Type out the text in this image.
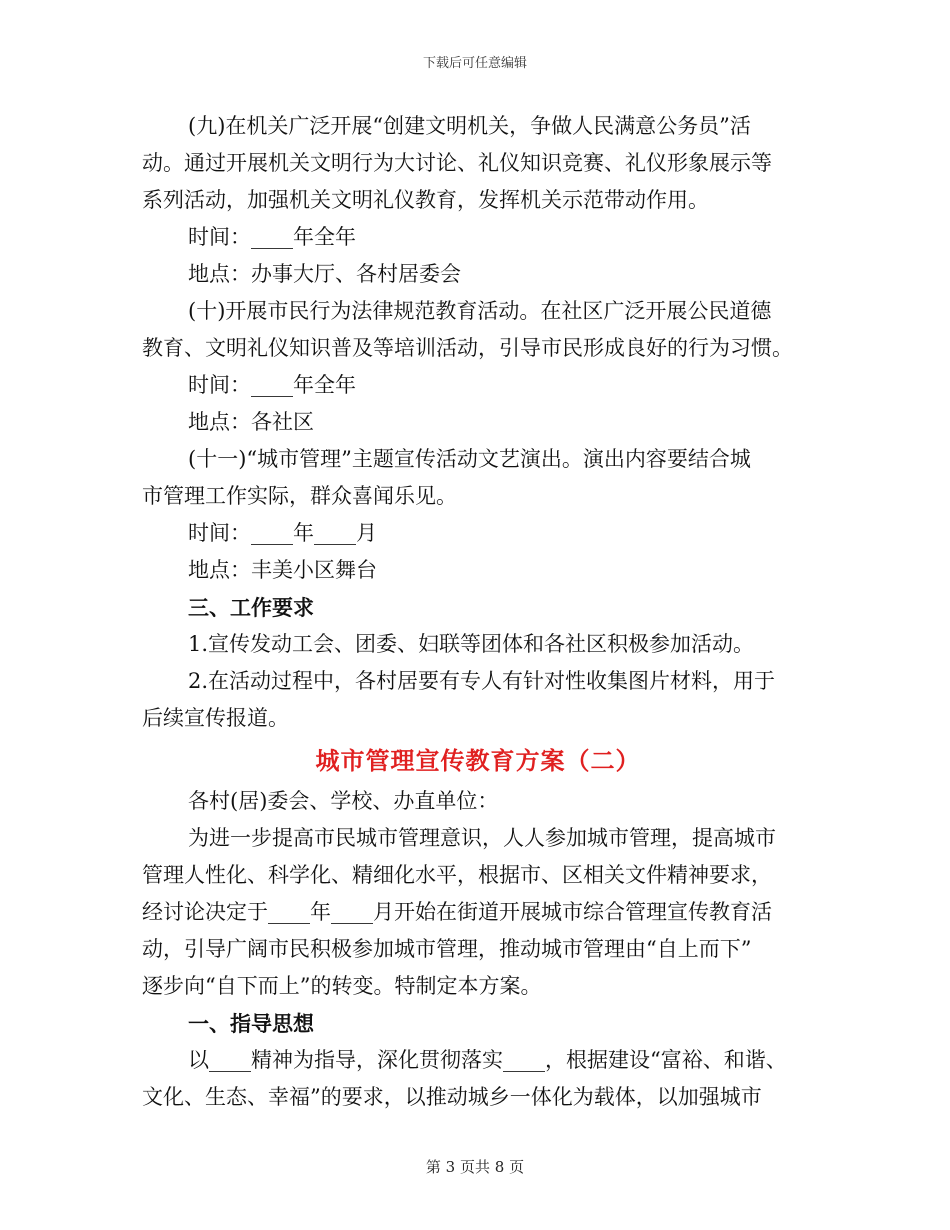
下载后可任意编辑

(九)在机关广泛开展“创建文明机关，争做人民满意公务员”活

动。通过开展机关文明行为大讨论、礼仪知识竞赛、礼仪形象展示等

系列活动，加强机关文明礼仪教育，发挥机关示范带动作用。

时间：____年全年

地点：办事大厅、各村居委会

(十)开展市民行为法律规范教育活动。在社区广泛开展公民道德

教育、文明礼仪知识普及等培训活动，引导市民形成良好的行为习惯。

时间：____年全年

地点：各社区

(十一)“城市管理”主题宣传活动文艺演出。演出内容要结合城

市管理工作实际，群众喜闻乐见。

时间：____年____月

地点：丰美小区舞台

三、工作要求

1.宣传发动工会、团委、妇联等团体和各社区积极参加活动。

2.在活动过程中，各村居要有专人有针对性收集图片材料，用于

后续宣传报道。

城市管理宣传教育方案（二）

各村(居)委会、学校、办直单位：

为进一步提高市民城市管理意识，人人参加城市管理，提高城市

管理人性化、科学化、精细化水平，根据市、区相关文件精神要求，

经讨论决定于____年____月开始在街道开展城市综合管理宣传教育活

动，引导广阔市民积极参加城市管理，推动城市管理由“自上而下”

逐步向“自下而上”的转变。特制定本方案。

一、指导思想

以____精神为指导，深化贯彻落实____，根据建设“富裕、和谐、

文化、生态、幸福”的要求，以推动城乡一体化为载体，以加强城市

第 3 页共 8 页
